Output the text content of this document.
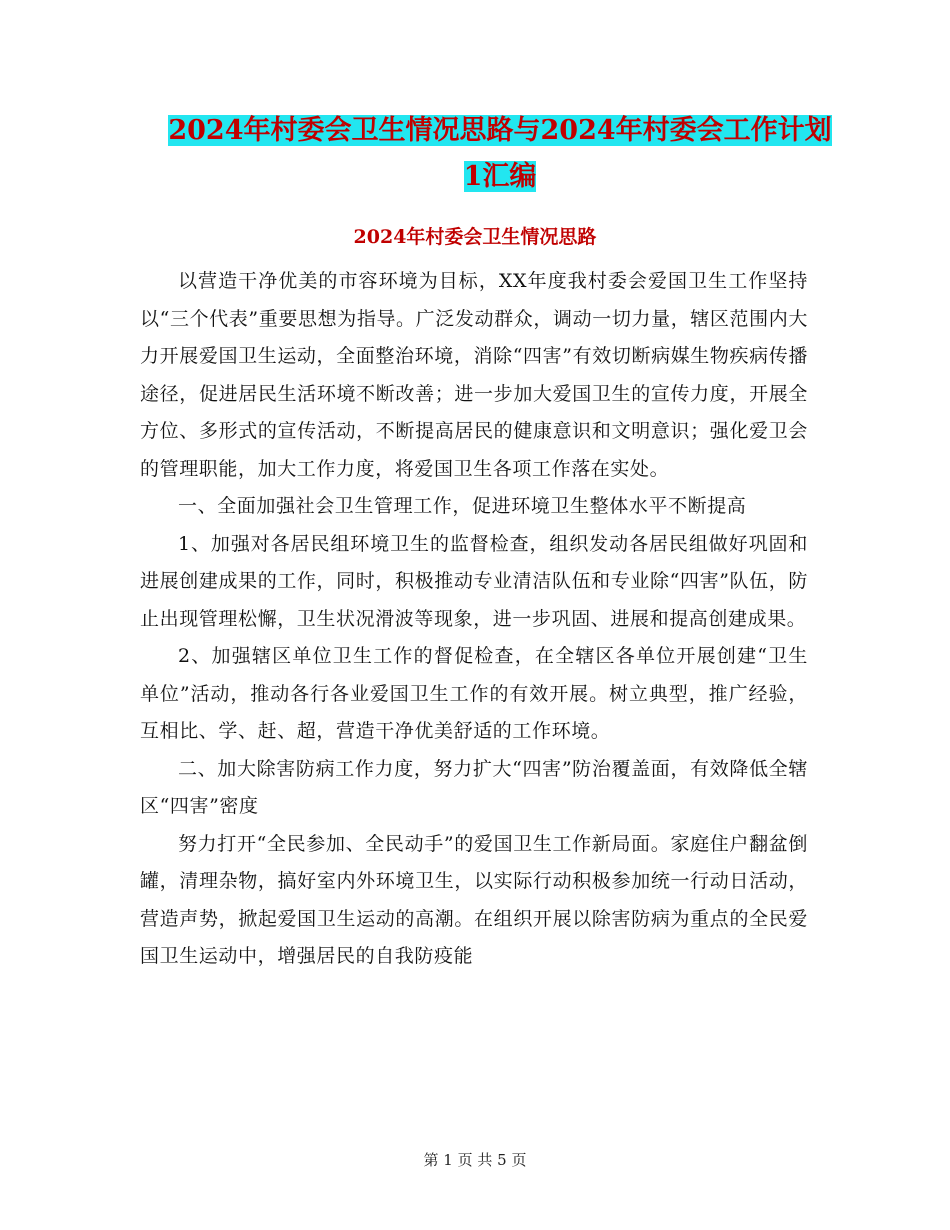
2024年村委会卫生情况思路与2024年村委会工作计划
1汇编
2024年村委会卫生情况思路

以营造干净优美的市容环境为目标，XX年度我村委会爱国卫生工作坚持以“三个代表”重要思想为指导。广泛发动群众，调动一切力量，辖区范围内大力开展爱国卫生运动，全面整治环境，消除“四害”有效切断病媒生物疾病传播途径，促进居民生活环境不断改善；进一步加大爱国卫生的宣传力度，开展全方位、多形式的宣传活动，不断提高居民的健康意识和文明意识；强化爱卫会的管理职能，加大工作力度，将爱国卫生各项工作落在实处。

一、全面加强社会卫生管理工作，促进环境卫生整体水平不断提高

1、加强对各居民组环境卫生的监督检查，组织发动各居民组做好巩固和进展创建成果的工作，同时，积极推动专业清洁队伍和专业除“四害”队伍，防止出现管理松懈，卫生状况滑波等现象，进一步巩固、进展和提高创建成果。

2、加强辖区单位卫生工作的督促检查，在全辖区各单位开展创建“卫生单位”活动，推动各行各业爱国卫生工作的有效开展。树立典型，推广经验，互相比、学、赶、超，营造干净优美舒适的工作环境。

二、加大除害防病工作力度，努力扩大“四害”防治覆盖面，有效降低全辖区“四害”密度

努力打开“全民参加、全民动手”的爱国卫生工作新局面。家庭住户翻盆倒罐，清理杂物，搞好室内外环境卫生，以实际行动积极参加统一行动日活动，营造声势，掀起爱国卫生运动的高潮。在组织开展以除害防病为重点的全民爱国卫生运动中，增强居民的自我防疫能

第 1 页 共 5 页
